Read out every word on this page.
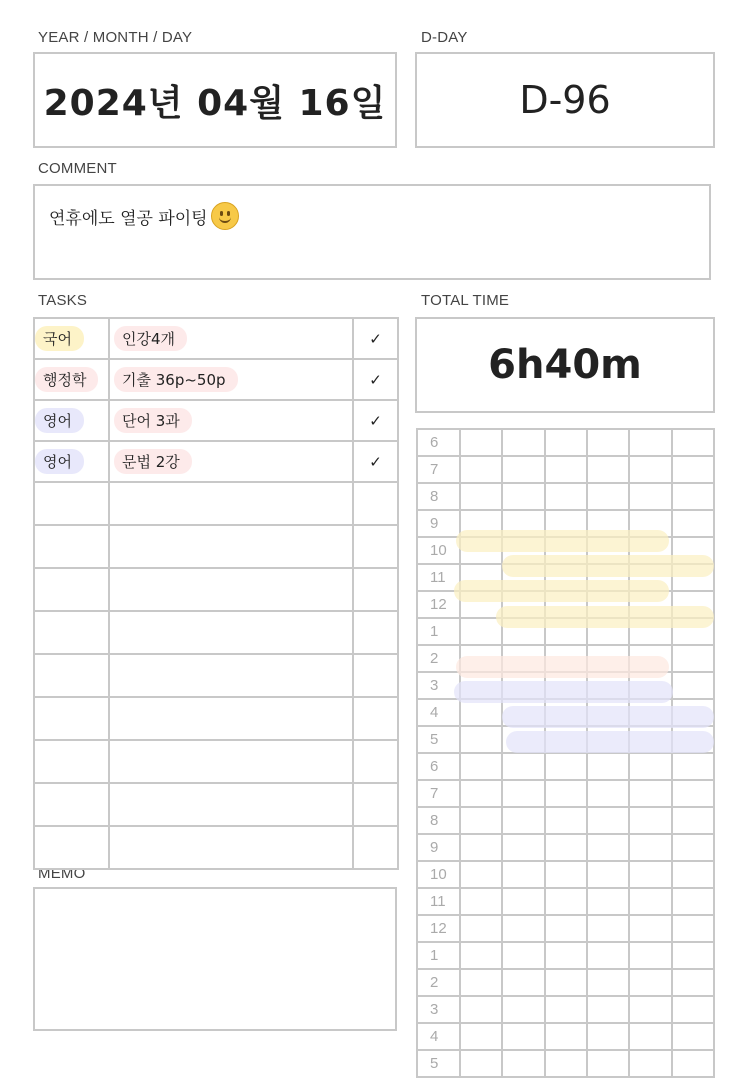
YEAR / MONTH / DAY	D-DAY
COMMENT
TASKS	TOTAL TIME
MEMO
2024년 04월 16일	D-96
연휴에도 열공 파이팅
국어	인강4개	✓
행정학	기출 36p~50p	✓
영어	단어 3과	✓
영어	문법 2강	✓

6h40m
6						
7						
8						
9						
10						
11						
12						
1						
2						
3						
4						
5						
6						
7						
8						
9						
10						
11						
12						
1						
2						
3						
4						
5						
